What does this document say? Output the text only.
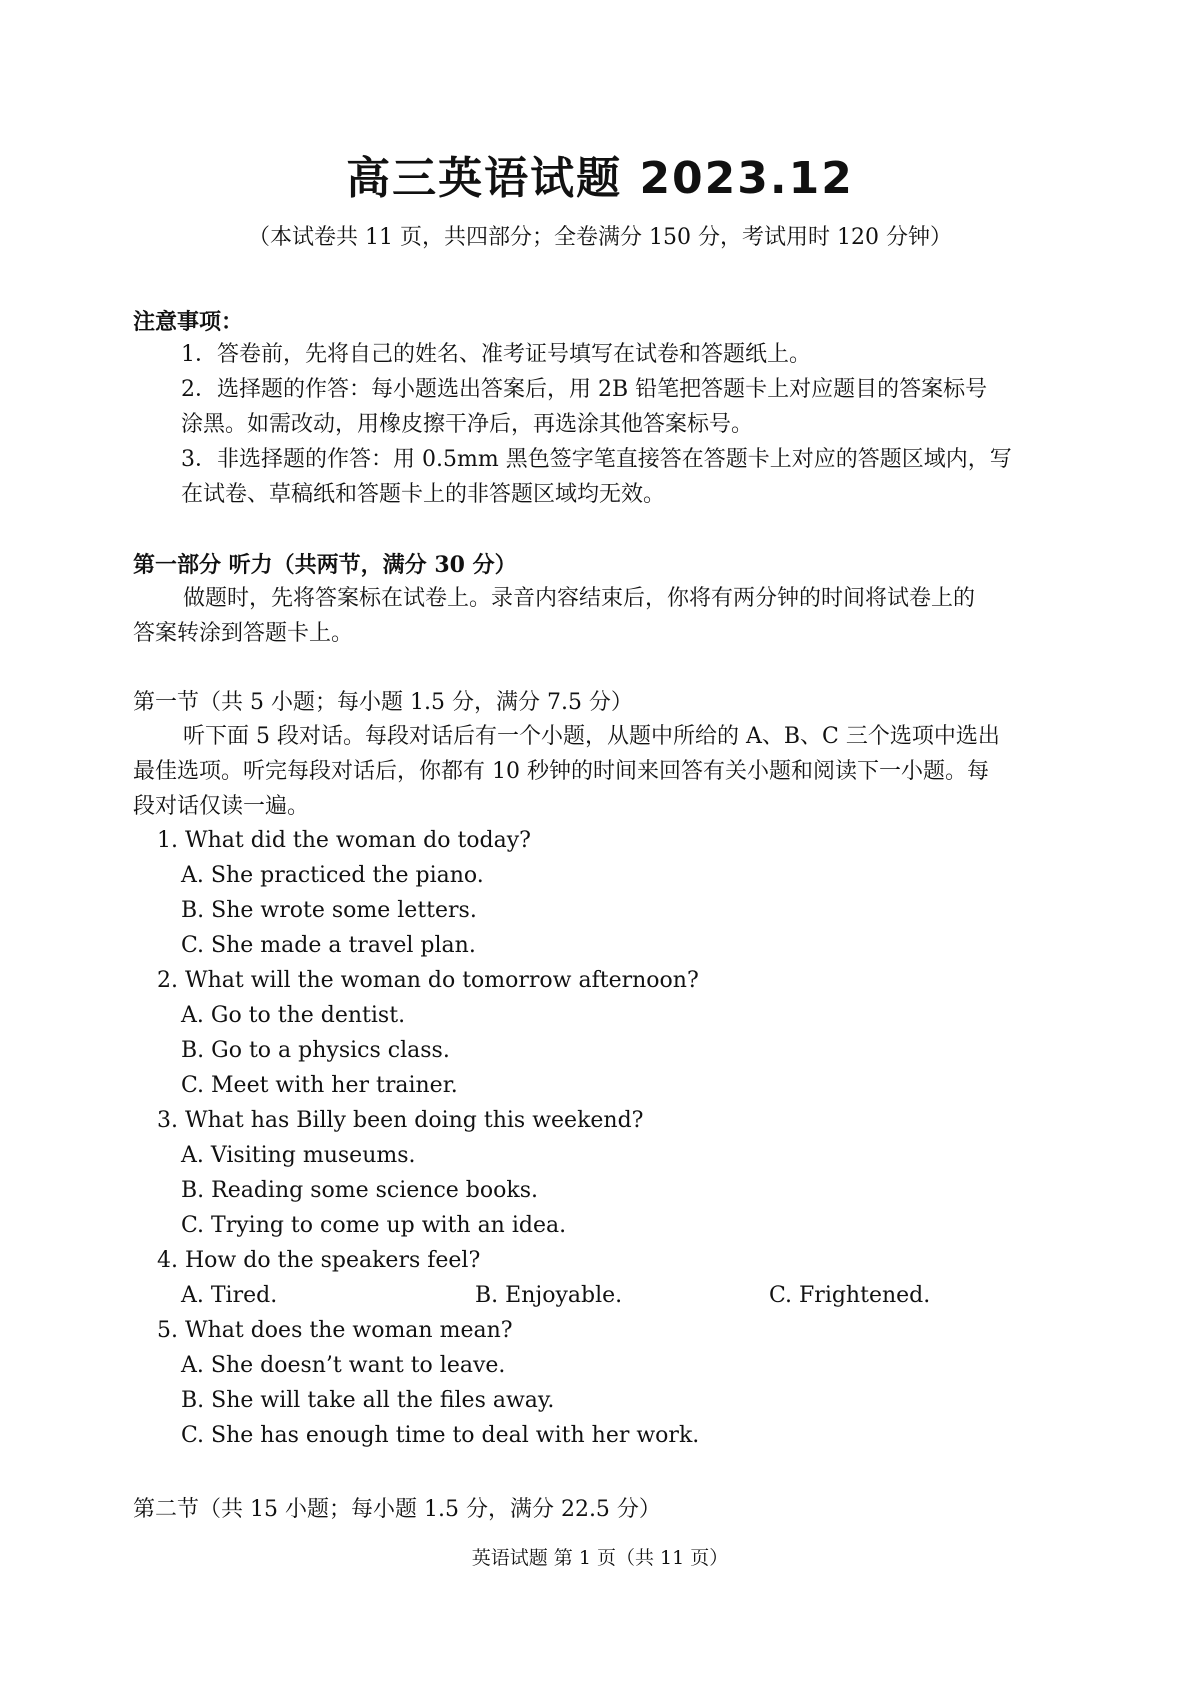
高三英语试题 2023.12
（本试卷共 11 页，共四部分；全卷满分 150 分，考试用时 120 分钟）
注意事项：
1．答卷前，先将自己的姓名、准考证号填写在试卷和答题纸上。
2．选择题的作答：每小题选出答案后，用 2B 铅笔把答题卡上对应题目的答案标号
涂黑。如需改动，用橡皮擦干净后，再选涂其他答案标号。
3．非选择题的作答：用 0.5mm 黑色签字笔直接答在答题卡上对应的答题区域内，写
在试卷、草稿纸和答题卡上的非答题区域均无效。
第一部分 听力（共两节，满分 30 分）
做题时，先将答案标在试卷上。录音内容结束后，你将有两分钟的时间将试卷上的
答案转涂到答题卡上。
第一节（共 5 小题；每小题 1.5 分，满分 7.5 分）
听下面 5 段对话。每段对话后有一个小题，从题中所给的 A、B、C 三个选项中选出
最佳选项。听完每段对话后，你都有 10 秒钟的时间来回答有关小题和阅读下一小题。每
段对话仅读一遍。
1. What did the woman do today?
A. She practiced the piano.
B. She wrote some letters.
C. She made a travel plan.
2. What will the woman do tomorrow afternoon?
A. Go to the dentist.
B. Go to a physics class.
C. Meet with her trainer.
3. What has Billy been doing this weekend?
A. Visiting museums.
B. Reading some science books.
C. Trying to come up with an idea.
4. How do the speakers feel?
A. Tired.	B. Enjoyable.	C. Frightened.
5. What does the woman mean?
A. She doesn’t want to leave.
B. She will take all the files away.
C. She has enough time to deal with her work.
第二节（共 15 小题；每小题 1.5 分，满分 22.5 分）
英语试题 第 1 页（共 11 页）
